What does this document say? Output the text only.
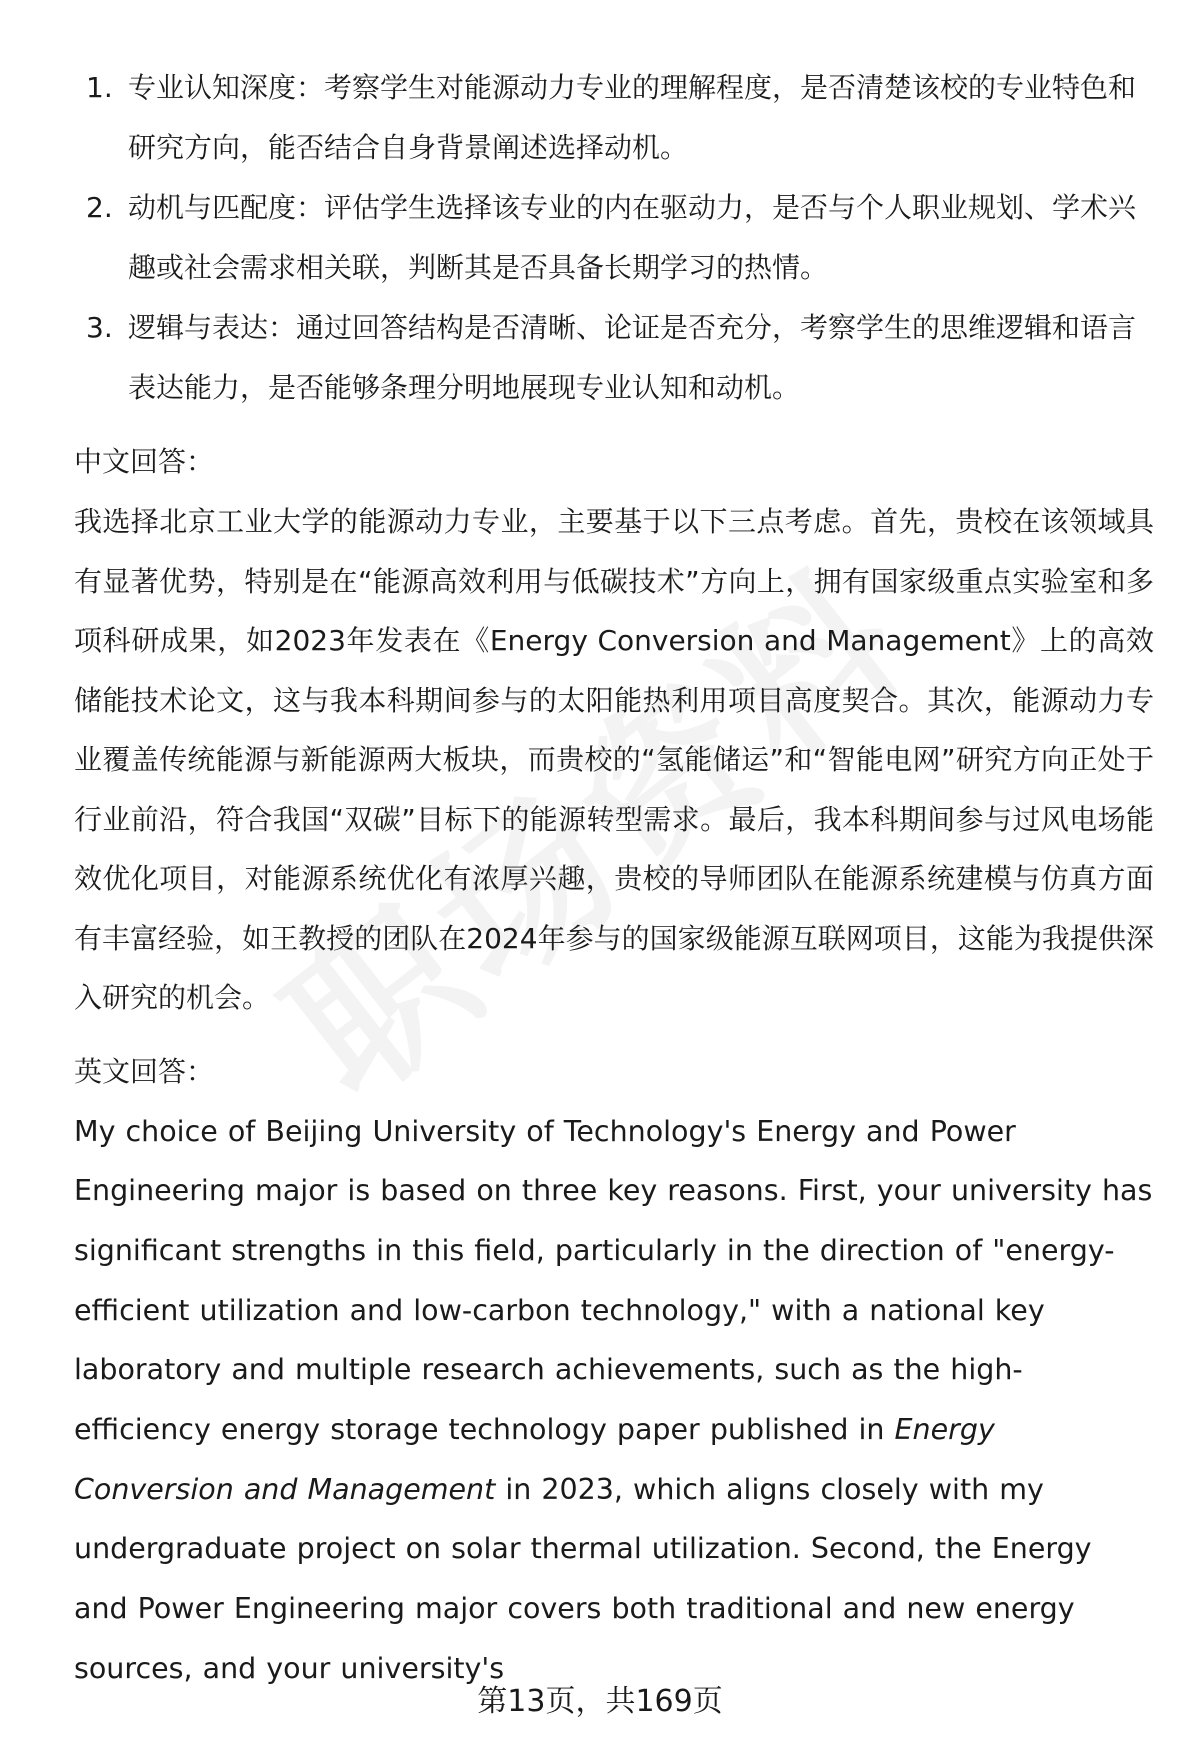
1. 专业认知深度：考察学生对能源动力专业的理解程度，是否清楚该校的专业特色和研究方向，能否结合自身背景阐述选择动机。
2. 动机与匹配度：评估学生选择该专业的内在驱动力，是否与个人职业规划、学术兴趣或社会需求相关联，判断其是否具备长期学习的热情。
3. 逻辑与表达：通过回答结构是否清晰、论证是否充分，考察学生的思维逻辑和语言表达能力，是否能够条理分明地展现专业认知和动机。
中文回答：

我选择北京工业大学的能源动力专业，主要基于以下三点考虑。首先，贵校在该领域具有显著优势，特别是在“能源高效利用与低碳技术”方向上，拥有国家级重点实验室和多项科研成果，如2023年发表在《Energy Conversion and Management》上的高效储能技术论文，这与我本科期间参与的太阳能热利用项目高度契合。其次，能源动力专业覆盖传统能源与新能源两大板块，而贵校的“氢能储运”和“智能电网”研究方向正处于行业前沿，符合我国“双碳”目标下的能源转型需求。最后，我本科期间参与过风电场能效优化项目，对能源系统优化有浓厚兴趣，贵校的导师团队在能源系统建模与仿真方面有丰富经验，如王教授的团队在2024年参与的国家级能源互联网项目，这能为我提供深入研究的机会。

英文回答：

My choice of Beijing University of Technology's Energy and Power Engineering major is based on three key reasons. First, your university has significant strengths in this field, particularly in the direction of "energy-efficient utilization and low-carbon technology," with a national key laboratory and multiple research achievements, such as the high-efficiency energy storage technology paper published in Energy Conversion and Management in 2023, which aligns closely with my undergraduate project on solar thermal utilization. Second, the Energy and Power Engineering major covers both traditional and new energy sources, and your university's

第13页，共169页
